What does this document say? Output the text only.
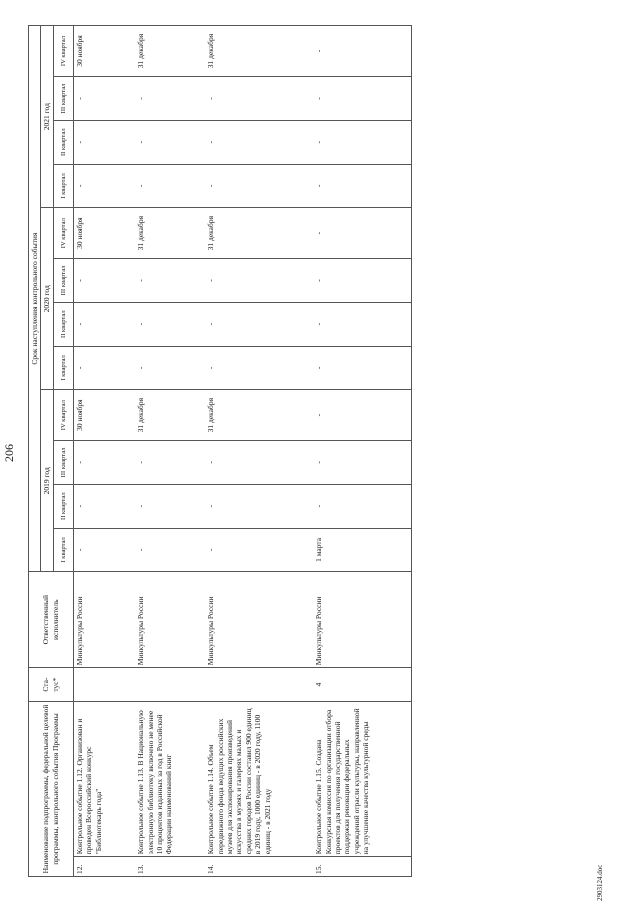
206
Наименование подпрограммы, федеральной целевой программы, контрольного события Программы		Ста- тус*	Ответственный исполнитель	Срок наступления контрольного события											
				2019 год				2020 год				2021 год			
				I квартал	II квартал	III квартал	IV квартал	I квартал	II квартал	III квартал	IV квартал	I квартал	II квартал	III квартал	IV квартал
12.	Контрольное событие 1.12. Организован и проведен Всероссийский конкурс "Библиотекарь года"		Минкультуры России	-	-	-	30 ноября	-	-	-	30 ноября	-	-	-	30 ноября
13.	Контрольное событие 1.13. В Национальную электронную библиотеку включено не менее 10 процентов изданных за год в Российской Федерации наименований книг		Минкультуры России	-	-	-	31 декабря	-	-	-	31 декабря	-	-	-	31 декабря
14.	Контрольное событие 1.14. Объем передвижного фонда ведущих российских музеев для экспонирования произведений искусства в музеях и галереях малых и средних городов России составил 900 единиц в 2019 году, 1000 единиц - в 2020 году, 1100 единиц - в 2021 году		Минкультуры России	-	-	-	31 декабря	-	-	-	31 декабря	-	-	-	31 декабря
15.	Контрольное событие 1.15. Создана Конкурсная комиссия по организации отбора проектов для получения государственной поддержки реновации федеральных учреждений отрасли культуры, направленной на улучшение качества культурной среды	4	Минкультуры России	1 марта	-	-	-	-	-	-	-	-	-	-	-
2903124.doc
